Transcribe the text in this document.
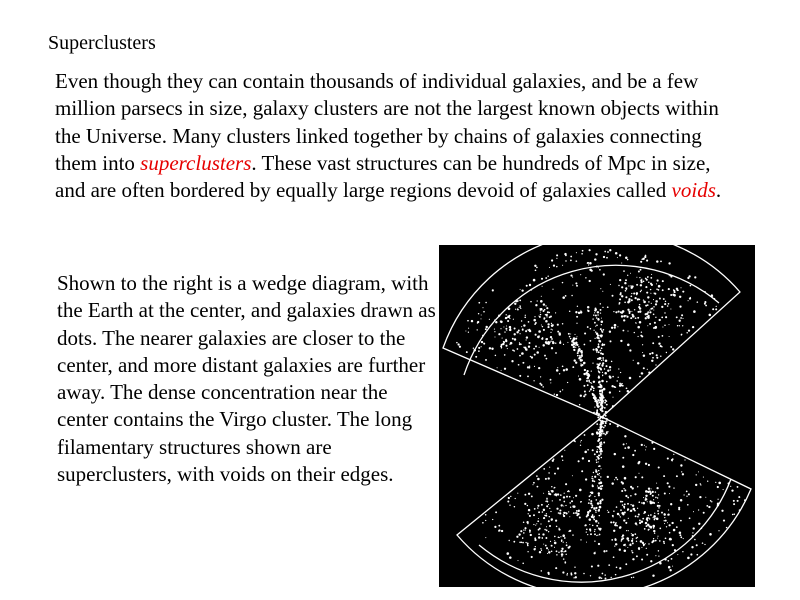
Superclusters
Even though they can contain thousands of individual galaxies, and be a few million parsecs in size, galaxy clusters are not the largest known objects within the Universe. Many clusters linked together by chains of galaxies connecting them into superclusters. These vast structures can be hundreds of Mpc in size, and are often bordered by equally large regions devoid of galaxies called voids.
Shown to the right is a wedge diagram, with the Earth at the center, and galaxies drawn as dots. The nearer galaxies are closer to the center, and more distant galaxies are further away. The dense concentration near the center contains the Virgo cluster. The long filamentary structures shown are superclusters, with voids on their edges.
